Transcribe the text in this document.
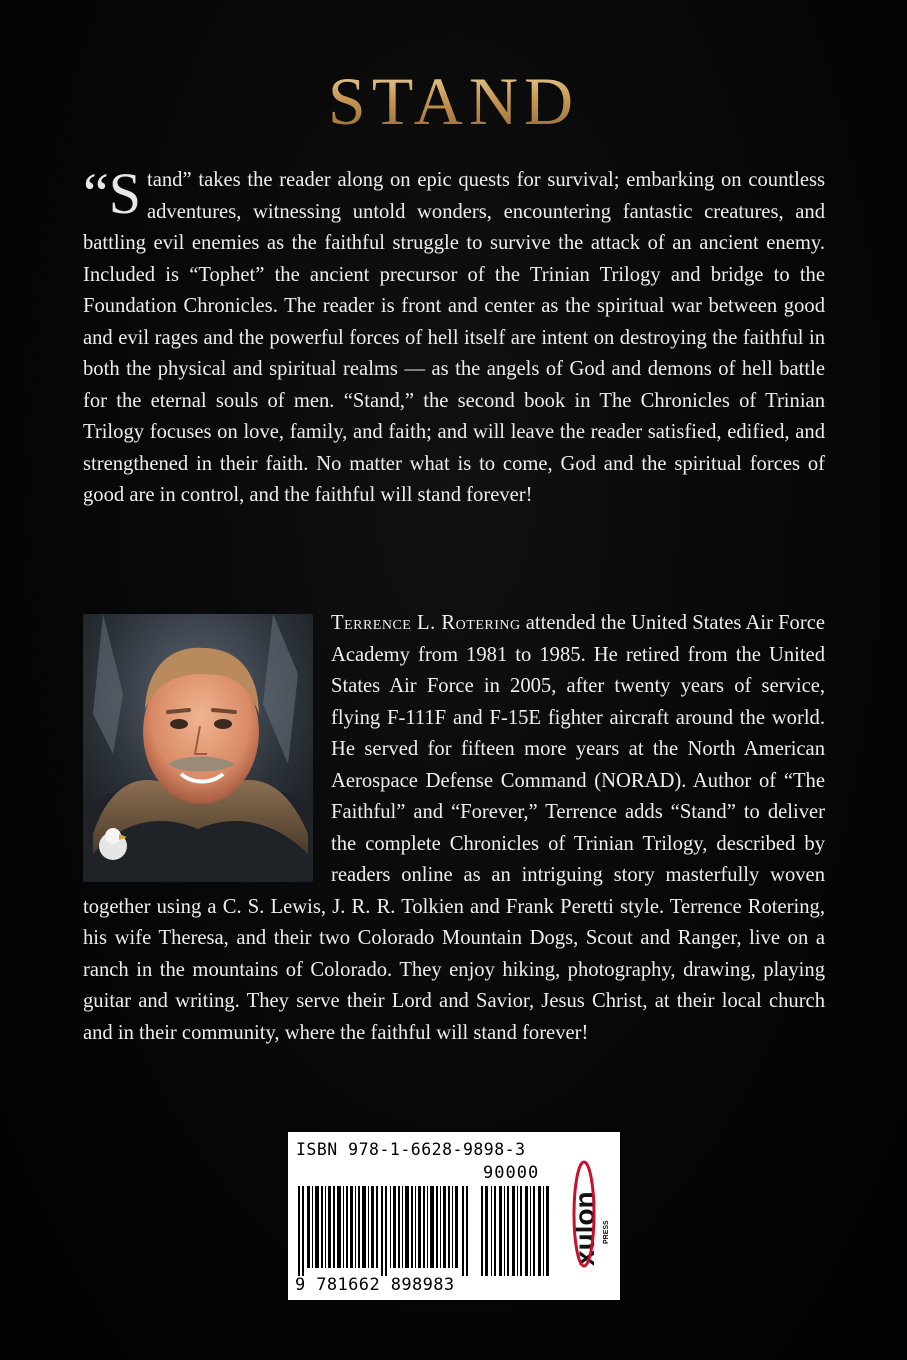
STAND

“Stand” takes the reader along on epic quests for survival; embarking on countless adventures, witnessing untold wonders, encountering fantastic creatures, and battling evil enemies as the faithful struggle to survive the attack of an ancient enemy. Included is “Tophet” the ancient precursor of the Trinian Trilogy and bridge to the Foundation Chronicles. The reader is front and center as the spiritual war between good and evil rages and the powerful forces of hell itself are intent on destroying the faithful in both the physical and spiritual realms — as the angels of God and demons of hell battle for the eternal souls of men. “Stand,” the second book in The Chronicles of Trinian Trilogy focuses on love, family, and faith; and will leave the reader satisfied, edified, and strengthened in their faith. No matter what is to come, God and the spiritual forces of good are in control, and the faithful will stand forever!

Terrence L. Rotering attended the United States Air Force Academy from 1981 to 1985. He retired from the United States Air Force in 2005, after twenty years of service, flying F-111F and F-15E fighter aircraft around the world. He served for fifteen more years at the North American Aerospace Defense Command (NORAD). Author of “The Faithful” and “Forever,” Terrence adds “Stand” to deliver the complete Chronicles of Trinian Trilogy, described by readers online as an intriguing story masterfully woven together using a C. S. Lewis, J. R. R. Tolkien and Frank Peretti style. Terrence Rotering, his wife Theresa, and their two Colorado Mountain Dogs, Scout and Ranger, live on a ranch in the mountains of Colorado. They enjoy hiking, photography, drawing, playing guitar and writing. They serve their Lord and Savior, Jesus Christ, at their local church and in their community, where the faithful will stand forever!

ISBN 978-1-6628-9898-3
90000
9 781662 898983
xulon PRESS
